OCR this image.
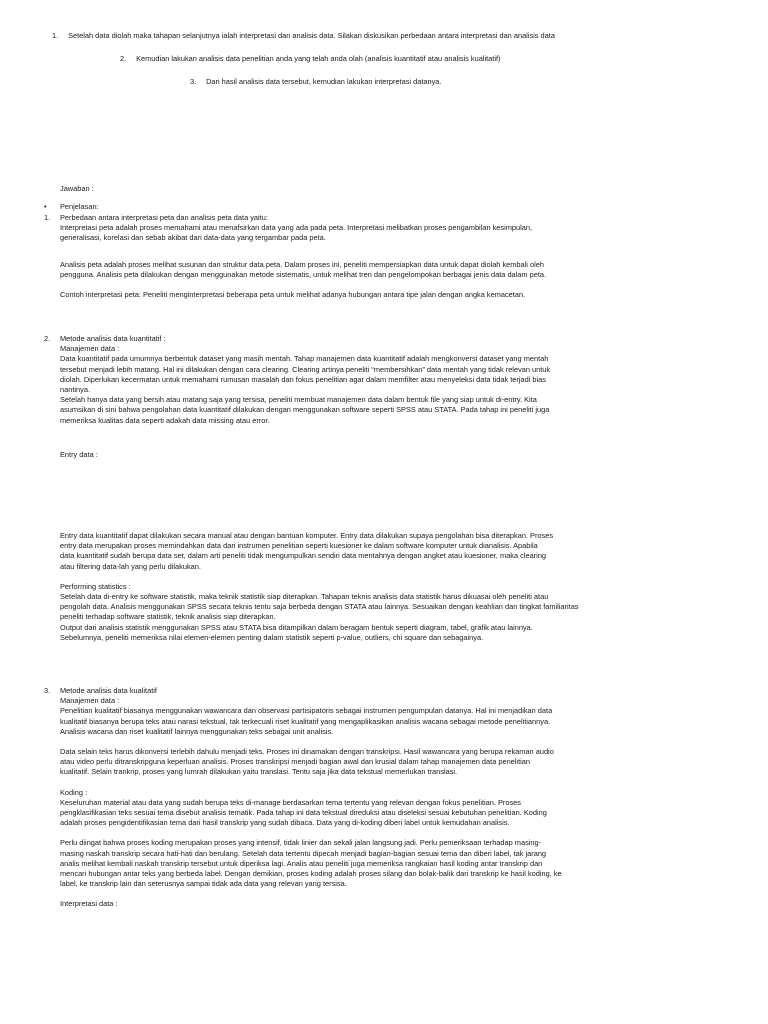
1. Setelah data diolah maka tahapan selanjutnya ialah interpretasi dan analisis data. Silakan diskusikan perbedaan antara interpretasi dan analisis data
2. Kemudian lakukan analisis data penelitian anda yang telah anda olah (analisis kuantitatif atau analisis kualitatif)
3. Dari hasil analisis data tersebut, kemudian lakukan interpretasi datanya.
Jawaban :
• Penjelasan:
1. Perbedaan antara interpretasi peta dan analisis peta data yaitu:

Interpretasi peta adalah proses memahami atau menafsirkan data yang ada pada peta. Interpretasi melibatkan proses pengambilan kesimpulan,

generalisasi, korelasi dan sebab akibat dari data-data yang tergambar pada peta.

Analisis peta adalah proses melihat susunan dan struktur data peta. Dalam proses ini, peneliti mempersiapkan data untuk dapat diolah kembali oleh

pengguna. Analisis peta dilakukan dengan menggunakan metode sistematis, untuk melihat tren dan pengelompokan berbagai jenis data dalam peta.

Contoh interpretasi peta: Peneliti menginterpretasi beberapa peta untuk melihat adanya hubungan antara tipe jalan dengan angka kemacetan.

2. Metode analisis data kuantitatif :

Manajemen data :

Data kuantitatif pada umumnya berbentuk dataset yang masih mentah. Tahap manajemen data kuantitatif adalah mengkonversi dataset yang mentah

tersebut menjadi lebih matang. Hal ini dilakukan dengan cara clearing. Clearing artinya peneliti “membersihkan” data mentah yang tidak relevan untuk

diolah. Diperlukan kecermatan untuk memahami rumusan masalah dan fokus penelitian agar dalam memfilter atau menyeleksi data tidak terjadi bias

nantinya.

Setelah hanya data yang bersih atau matang saja yang tersisa, peneliti membuat manajemen data dalam bentuk file yang siap untuk di-entry. Kita

asumsikan di sini bahwa pengolahan data kuantitatif dilakukan dengan menggunakan software seperti SPSS atau STATA. Pada tahap ini peneliti juga

memeriksa kualitas data seperti adakah data missing atau error.

Entry data :

Entry data kuantitatif dapat dilakukan secara manual atau dengan bantuan komputer. Entry data dilakukan supaya pengolahan bisa diterapkan. Proses

entry data merupakan proses memindahkan data dari instrumen penelitian seperti kuesioner ke dalam software komputer untuk dianalisis. Apabila

data kuantitatif sudah berupa data set, dalam arti peneliti tidak mengumpulkan sendiri data mentahnya dengan angket atau kuesioner, maka clearing

atau filtering data-lah yang perlu dilakukan.

Performing statistics :

Setelah data di-entry ke software statistik, maka teknik statistik siap diterapkan. Tahapan teknis analisis data statistik harus dikuasai oleh peneliti atau

pengolah data. Analisis menggunakan SPSS secara teknis tentu saja berbeda dengan STATA atau lainnya. Sesuaikan dengan keahlian dan tingkat familiaritas

peneliti terhadap software statistik, teknik analisis siap diterapkan.

Output dari analisis statistik menggunakan SPSS atau STATA bisa ditampilkan dalam beragam bentuk seperti diagram, tabel, grafik atau lainnya.

Sebelumnya, peneliti memeriksa nilai elemen-elemen penting dalam statistik seperti p-value, outliers, chi square dan sebagainya.

3. Metode analisis data kualitatif

Manajemen data :

Penelitian kualitatif biasanya menggunakan wawancara dan observasi partisipatoris sebagai instrumen pengumpulan datanya. Hal ini menjadikan data

kualitatif biasanya berupa teks atau narasi tekstual, tak terkecuali riset kualitatif yang mengaplikasikan analisis wacana sebagai metode penelitiannya.

Analisis wacana dan riset kualitatif lainnya menggunakan teks sebagai unit analisis.

Data selain teks harus dikonversi terlebih dahulu menjadi teks. Proses ini dinamakan dengan transkripsi. Hasil wawancara yang berupa rekaman audio

atau video perlu ditranskripguna keperluan analisis. Proses transkripsi menjadi bagian awal dan krusial dalam tahap manajemen data penelitian

kualitatif. Selain trankrip, proses yang lumrah dilakukan yaitu translasi. Tentu saja jika data tekstual memerlukan translasi.

Koding :

Keseluruhan material atau data yang sudah berupa teks di-manage berdasarkan tema tertentu yang relevan dengan fokus penelitian. Proses

pengklasifikasian teks sesuai tema disebut analisis tematik. Pada tahap ini data tekstual direduksi atau diseleksi sesuai kebutuhan penelitian. Koding

adalah proses pengidentifikasian tema dari hasil transkrip yang sudah dibaca. Data yang di-koding diberi label untuk kemudahan analisis.

Perlu diingat bahwa proses koding merupakan proses yang intensif, tidak linier dan sekali jalan langsung jadi. Perlu pemeriksaan terhadap masing-

masing naskah transkrip secara hati-hati dan berulang. Setelah data tertentu dipecah menjadi bagian-bagian sesuai tema dan diberi label, tak jarang

analis melihat kembali naskah transkrip tersebut untuk diperiksa lagi. Analis atau peneliti juga memeriksa rangkaian hasil koding antar transkrip dan

mencari hubungan antar teks yang berbeda label. Dengan demikian, proses koding adalah proses silang dan bolak-balik dari transkrip ke hasil koding, ke

label, ke transkrip lain dan seterusnya sampai tidak ada data yang relevan yang tersisa.

Interpretasi data :
